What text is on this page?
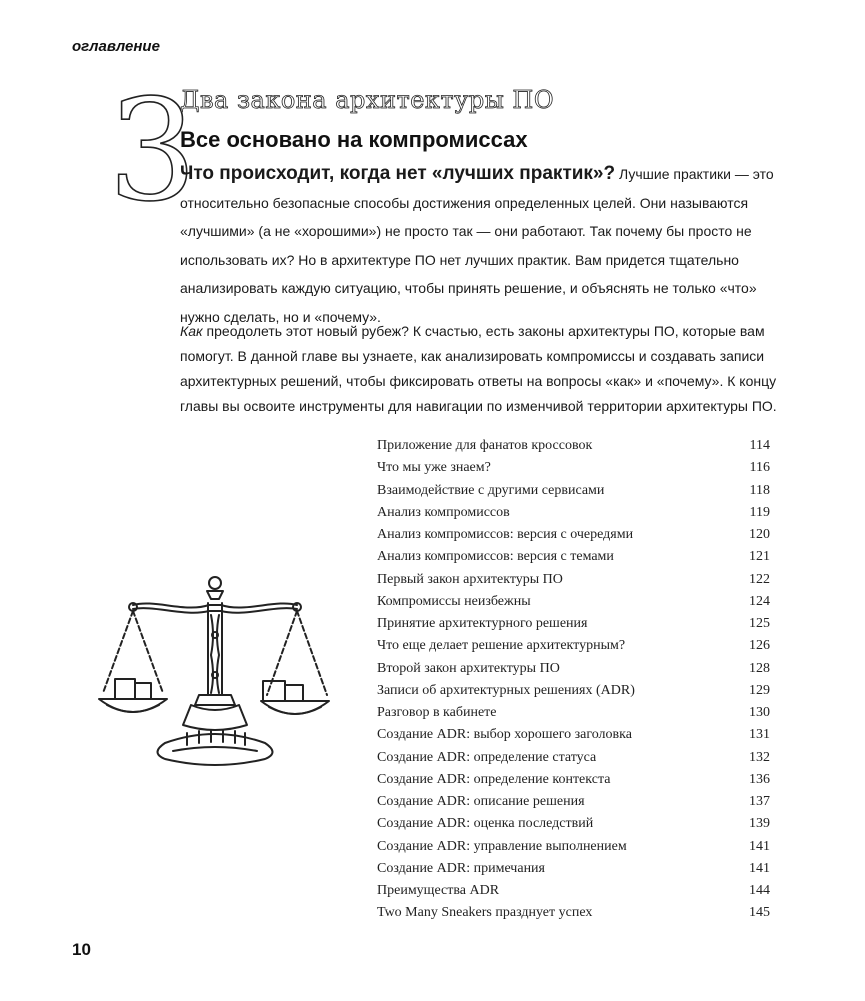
оглавление
3
Два закона архитектуры ПО
Все основано на компромиссах

Что происходит, когда нет «лучших практик»? Лучшие практики — это относительно безопасные способы достижения определенных целей. Они называются «лучшими» (а не «хорошими») не просто так — они работают. Так почему бы просто не использовать их? Но в архитектуре ПО нет лучших практик. Вам придется тщательно анализировать каждую ситуацию, чтобы принять решение, и объяснять не только «что» нужно сделать, но и «почему».

Как преодолеть этот новый рубеж? К счастью, есть законы архитектуры ПО, которые вам помогут. В данной главе вы узнаете, как анализировать компромиссы и создавать записи архитектурных решений, чтобы фиксировать ответы на вопросы «как» и «почему». К концу главы вы освоите инструменты для навигации по изменчивой территории архитектуры ПО.

Приложение для фанатов кроссовок	114
Что мы уже знаем?	116
Взаимодействие с другими сервисами	118
Анализ компромиссов	119
Анализ компромиссов: версия с очередями	120
Анализ компромиссов: версия с темами	121
Первый закон архитектуры ПО	122
Компромиссы неизбежны	124
Принятие архитектурного решения	125
Что еще делает решение архитектурным?	126
Второй закон архитектуры ПО	128
Записи об архитектурных решениях (ADR)	129
Разговор в кабинете	130
Создание ADR: выбор хорошего заголовка	131
Создание ADR: определение статуса	132
Создание ADR: определение контекста	136
Создание ADR: описание решения	137
Создание ADR: оценка последствий	139
Создание ADR: управление выполнением	141
Создание ADR: примечания	141
Преимущества ADR	144
Two Many Sneakers празднует успех	145
10
